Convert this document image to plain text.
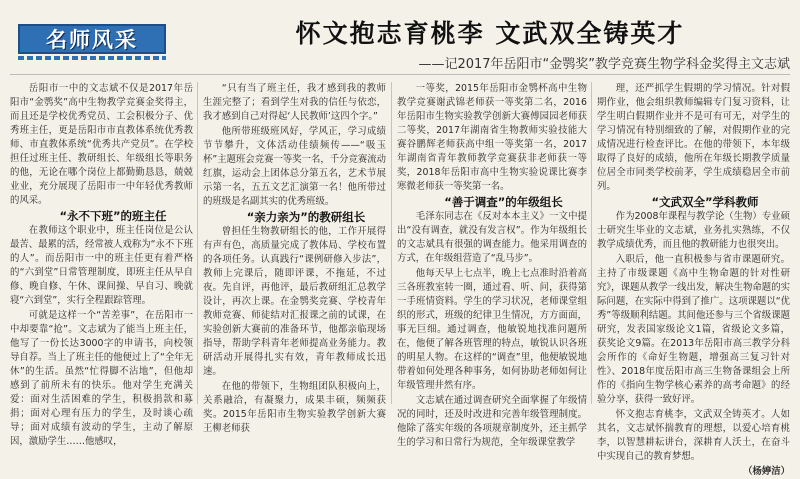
名师风采	怀文抱志育桃李 文武双全铸英才
——记2017年岳阳市“金鹗奖”教学竞赛生物学科金奖得主文志斌

岳阳市一中的文志斌不仅是2017年岳阳市“金鹗奖”高中生物教学竞赛金奖得主，而且还是学校优秀党员、工会积极分子、优秀班主任，更是岳阳市市直教体系统优秀教师、市直教体系统“优秀共产党员”。在学校担任过班主任、教研组长、年级组长等职务的他，无论在哪个岗位上都勤勤恳恳，兢兢业业，充分展现了岳阳市一中年轻优秀教师的风采。

“永不下班”的班主任

在教师这个职业中，班主任岗位是公认最苦、最累的活，经常被人戏称为“永不下班的人”。而岳阳市一中的班主任更有着严格的“六到堂”日常管理制度，即班主任从早自修、晚自修、午休、课间操、早自习、晚就寝“六到堂”，实行全程跟踪管理。

可就是这样一个“苦差事”，在岳阳市一中却要靠“抢”。文志斌为了能当上班主任，他写了一份长达3000字的申请书，向校领导自荐。当上了班主任的他便过上了“全年无休”的生活。虽然“忙得脚不沾地”，但他却感到了前所未有的快乐。他对学生充满关爱：面对生活困难的学生，积极捐款和募捐；面对心理有压力的学生，及时谈心疏导；面对成绩有波动的学生，主动了解原因，激励学生……他感叹，

“只有当了班主任，我才感到我的教师生涯完整了；看到学生对我的信任与依恋，我才感到自己对得起‘人民教师’这四个字。”

他所带班级班风好，学风正，学习成绩节节攀升，文体活动佳绩频传——“吸玉杯”主题班会竞赛一等奖一名，千分竞赛流动红旗，运动会上团体总分第五名，艺术节展示第一名，五五文艺汇演第一名！他所带过的班级是名副其实的优秀班级。

“亲力亲为”的教研组长

曾担任生物教研组长的他，工作开展得有声有色，高质量完成了教体局、学校布置的各项任务。认真践行“课例研修入步法”，教师上完课后，随即评课，不拖延，不过夜。先自评，再他评，最后教研组汇总教学设计，再次上课。在金鹗奖竞赛、学校青年教师竞赛、师徒结对汇报课之前的试课，在实验创新大赛前的准备环节，他都亲临现场指导，帮助学科青年老师提高业务能力。教研活动开展得扎实有效，青年教师成长迅速。

在他的带领下，生物组团队积极向上，关系融洽，有凝聚力，成果丰硕，频频获奖。2015年岳阳市生物实验教学创新大赛王柳老师获

一等奖，2015年岳阳市金鹗杯高中生物教学竞赛谢武锦老师获一等奖第二名，2016年岳阳市生物实验教学创新大赛傅园园老师获二等奖，2017年湖南省生物教师实验技能大赛谷鹏辉老师获高中组一等奖第一名，2017年湖南省青年教师教学竞赛获非老师获一等奖，2018年岳阳市高中生物实验说课比赛李寒微老师获一等奖第一名。

“善于调查”的年级组长

毛泽东同志在《反对本本主义》一文中提出“没有调查，就没有发言权”。作为年级组长的文志斌具有很强的调查能力。他采用调查的方式，在年级组营造了“乱马步”。

他每天早上七点半，晚上七点准时沿着高三各班教室转一圈，通过看、听、问，获得第一手班情资料。学生的学习状况，老师课堂组织的形式，班级的纪律卫生情况，方方面面，事无巨细。通过调查，他敏锐地找准问题所在，他便了解各班管理的特点，敏锐认识各班的明星人物。在这样的“调查”里，他便敏锐地带着如何处理各种事务，如何协助老师如何让年级管理井然有序。

文志斌在通过调查研究全面掌握了年级情况的同时，还及时改进和完善年级管理制度。他除了落实年级的各项规章制度外，还主抓学生的学习和日常行为规范，全年级课堂教学

理，还严抓学生假期的学习情况。针对假期作业，他会组织教师编辑专门复习资料，让学生明白假期作业并不是可有可无，对学生的学习情况有特别细致的了解，对假期作业的完成情况进行检查评比。在他的带领下，本年级取得了良好的成绩，他所在年级长期教学质量位居全市同类学校前茅，学生成绩稳居全市前列。

“文武双全”学科教师

作为2008年课程与教学论（生物）专业硕士研究生毕业的文志斌，业务扎实熟练，不仅教学成绩优秀，而且他的教研能力也很突出。

入职后，他一直积极参与省市课题研究。主持了市级课题《高中生物命题的针对性研究》，课题从教学一线出发，解决生物命题的实际问题，在实际中得到了推广。这项课题以“优秀”等级顺利结题。其间他还参与三个省级课题研究，发表国家级论文1篇，省级论文多篇，获奖论文9篇。在2013年岳阳市高三教学分科会所作的《命好生物题，增强高三复习针对性》、2018年度岳阳市高三生物备课组会上所作的《指向生物学核心素养的高考命题》的经验分享，获得一致好评。

怀文抱志育桃李，文武双全铸英才。人如其名，文志斌怀揣教育的理想，以爱心培育桃李，以智慧耕耘讲台，深耕育人沃土，在奋斗中实现自己的教育梦想。

（杨婷洁）
